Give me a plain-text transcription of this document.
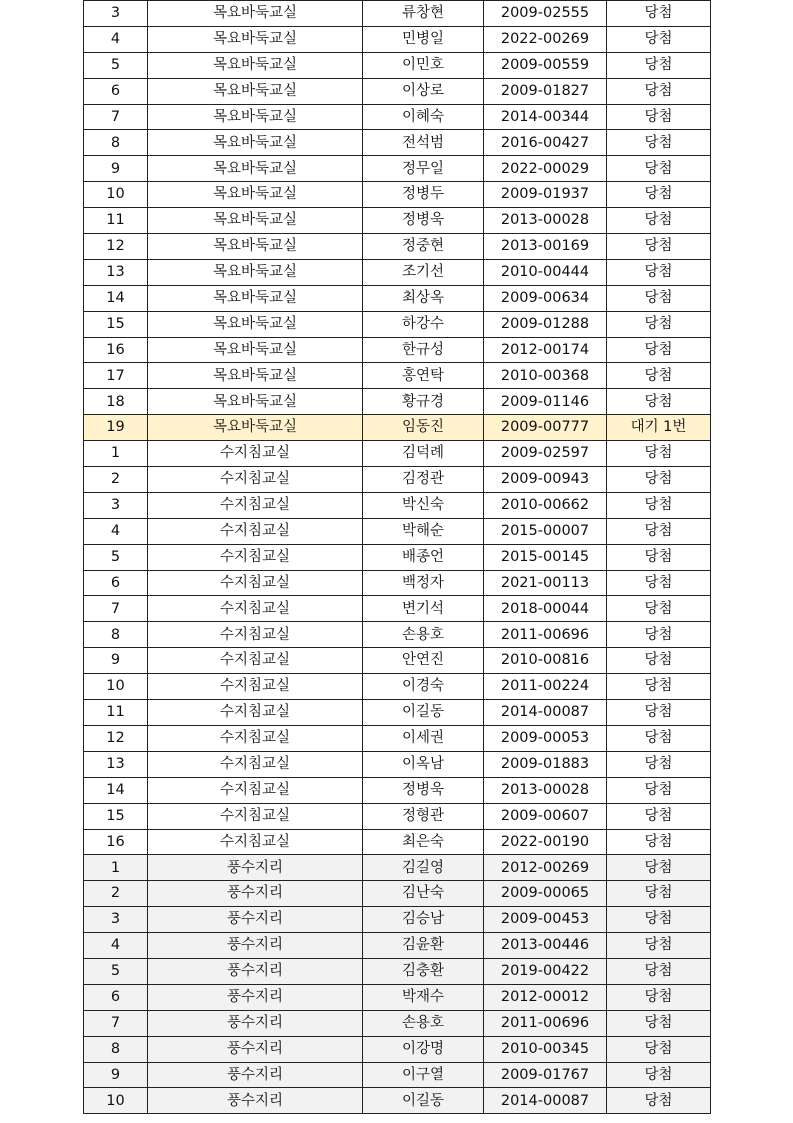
3	목요바둑교실	류창현	2009-02555	당첨
4	목요바둑교실	민병일	2022-00269	당첨
5	목요바둑교실	이민호	2009-00559	당첨
6	목요바둑교실	이상로	2009-01827	당첨
7	목요바둑교실	이혜숙	2014-00344	당첨
8	목요바둑교실	전석범	2016-00427	당첨
9	목요바둑교실	정무일	2022-00029	당첨
10	목요바둑교실	정병두	2009-01937	당첨
11	목요바둑교실	정병욱	2013-00028	당첨
12	목요바둑교실	정중현	2013-00169	당첨
13	목요바둑교실	조기선	2010-00444	당첨
14	목요바둑교실	최상옥	2009-00634	당첨
15	목요바둑교실	하강수	2009-01288	당첨
16	목요바둑교실	한규성	2012-00174	당첨
17	목요바둑교실	홍연탁	2010-00368	당첨
18	목요바둑교실	황규경	2009-01146	당첨
19	목요바둑교실	임동진	2009-00777	대기 1번
1	수지침교실	김덕례	2009-02597	당첨
2	수지침교실	김정관	2009-00943	당첨
3	수지침교실	박신숙	2010-00662	당첨
4	수지침교실	박해순	2015-00007	당첨
5	수지침교실	배종언	2015-00145	당첨
6	수지침교실	백정자	2021-00113	당첨
7	수지침교실	변기석	2018-00044	당첨
8	수지침교실	손용호	2011-00696	당첨
9	수지침교실	안연진	2010-00816	당첨
10	수지침교실	이경숙	2011-00224	당첨
11	수지침교실	이길동	2014-00087	당첨
12	수지침교실	이세권	2009-00053	당첨
13	수지침교실	이옥남	2009-01883	당첨
14	수지침교실	정병욱	2013-00028	당첨
15	수지침교실	정형관	2009-00607	당첨
16	수지침교실	최은숙	2022-00190	당첨
1	풍수지리	김길영	2012-00269	당첨
2	풍수지리	김난숙	2009-00065	당첨
3	풍수지리	김승남	2009-00453	당첨
4	풍수지리	김윤환	2013-00446	당첨
5	풍수지리	김충환	2019-00422	당첨
6	풍수지리	박재수	2012-00012	당첨
7	풍수지리	손용호	2011-00696	당첨
8	풍수지리	이강명	2010-00345	당첨
9	풍수지리	이구열	2009-01767	당첨
10	풍수지리	이길동	2014-00087	당첨
